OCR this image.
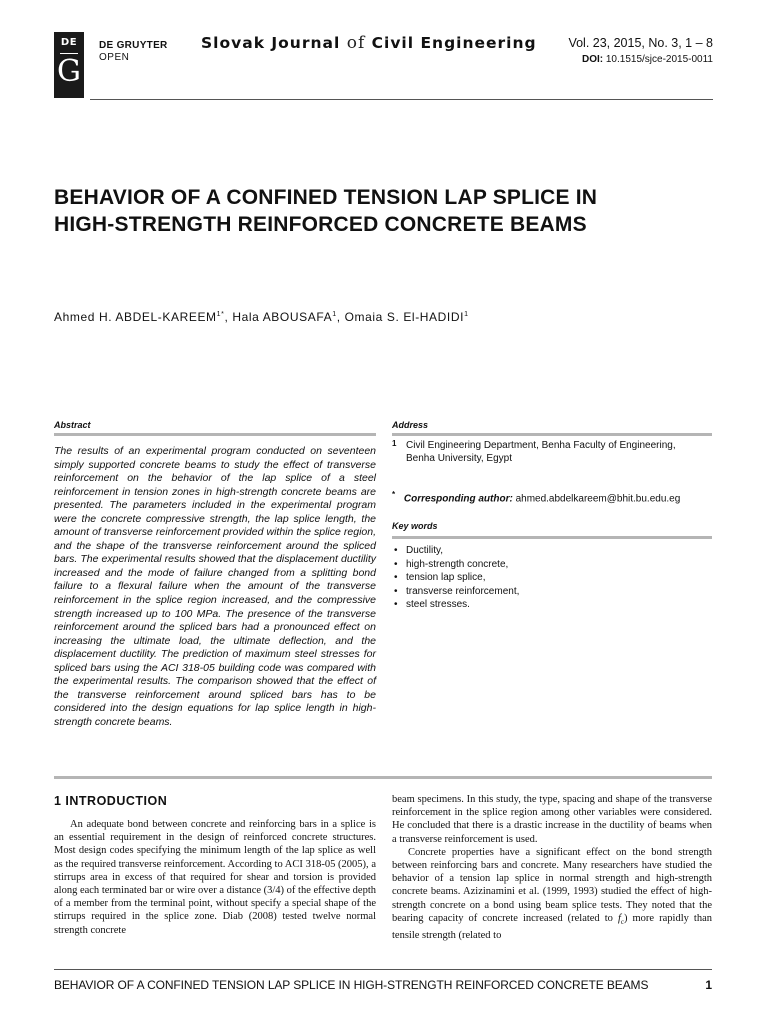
DE
G
DE GRUYTER
OPEN
Slovak Journal of Civil Engineering	Vol. 23, 2015, No. 3, 1 – 8
DOI: 10.1515/sjce-2015-0011
BEHAVIOR OF A CONFINED TENSION LAP SPLICE IN
HIGH-STRENGTH REINFORCED CONCRETE BEAMS
Ahmed H. ABDEL-$KAREEM^{1*}$, Hala ABOUSAFA$^1$, Omaia S. El-HADIDI$^1$
Abstract
The results of an experimental program conducted on seventeen simply supported concrete beams to study the effect of transverse reinforcement on the behavior of the lap splice of a steel reinforcement in tension zones in high-strength concrete beams are presented. The parameters included in the experimental program were the concrete compressive strength, the lap splice length, the amount of transverse reinforcement provided within the splice region, and the shape of the transverse reinforcement around the spliced bars. The experimental results showed that the displacement ductility increased and the mode of failure changed from a splitting bond failure to a flexural failure when the amount of the transverse reinforcement in the splice region increased, and the compressive strength increased up to 100 MPa. The presence of the transverse reinforcement around the spliced bars had a pronounced effect on increasing the ultimate load, the ultimate deflection, and the displacement ductility. The prediction of maximum steel stresses for spliced bars using the ACI 318-05 building code was compared with the experimental results. The comparison showed that the effect of the transverse reinforcement around spliced bars has to be considered into the design equations for lap splice length in high-strength concrete beams.
Address
1 Civil Engineering Department, Benha Faculty of Engineering,
Benha University, Egypt
* Corresponding author: ahmed.abdelkareem@bhit.bu.edu.eg
Key words
• Ductility,
• high-strength concrete,
• tension lap splice,
• transverse reinforcement,
• steel stresses.
1 INTRODUCTION

An adequate bond between concrete and reinforcing bars in a splice is an essential requirement in the design of reinforced concrete structures. Most design codes specifying the minimum length of the lap splice as well as the required transverse reinforcement. According to ACI 318-05 (2005), a stirrups area in excess of that required for shear and torsion is provided along each terminated bar or wire over a distance (3/4) of the effective depth of a member from the terminal point, without specify a special shape of the stirrups required in the splice zone. Diab (2008) tested twelve normal strength concrete

beam specimens. In this study, the type, spacing and shape of the transverse reinforcement in the splice region among other variables were considered. He concluded that there is a drastic increase in the ductility of beams when a transverse reinforcement is used.

Concrete properties have a significant effect on the bond strength between reinforcing bars and concrete. Many researchers have studied the behavior of a tension lap splice in normal strength and high-strength concrete beams. Azizinamini et al. (1999, 1993) studied the effect of high-strength concrete on a bond using beam splice tests. They noted that the bearing capacity of concrete increased (related to $f_c$) more rapidly than tensile strength (related to

BEHAVIOR OF A CONFINED TENSION LAP SPLICE IN HIGH-STRENGTH REINFORCED CONCRETE BEAMS	1
